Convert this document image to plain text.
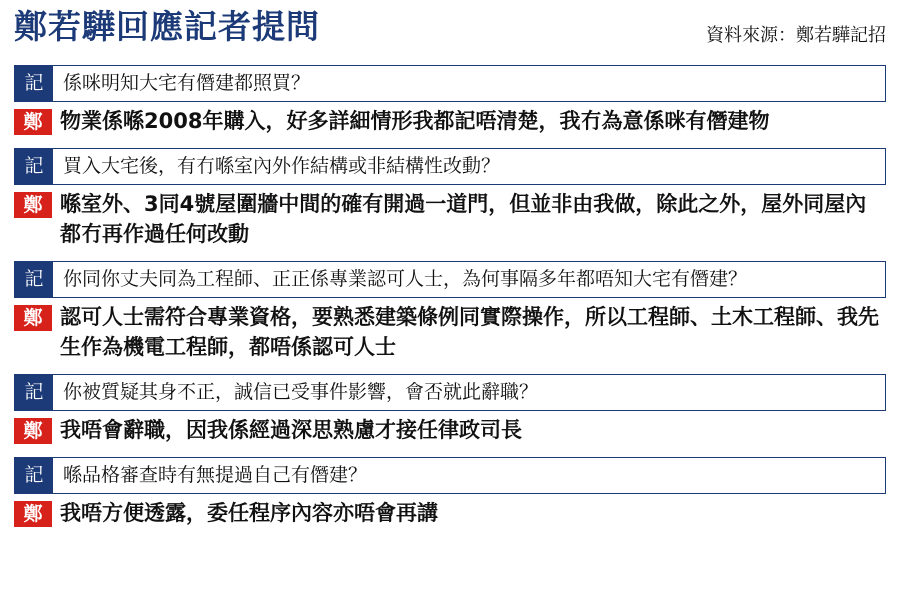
鄭若驊回應記者提問	資料來源：鄭若驊記招
記	係咪明知大宅有僭建都照買？
鄭 物業係喺2008年購入，好多詳細情形我都記唔清楚，我冇為意係咪有僭建物
記	買入大宅後，有冇喺室內外作結構或非結構性改動？
鄭 喺室外、3同4號屋圍牆中間的確有開過一道門，但並非由我做，除此之外，屋外同屋內都冇再作過任何改動
記	你同你丈夫同為工程師、正正係專業認可人士，為何事隔多年都唔知大宅有僭建？
鄭 認可人士需符合專業資格，要熟悉建築條例同實際操作，所以工程師、土木工程師、我先生作為機電工程師，都唔係認可人士
記	你被質疑其身不正，誠信已受事件影響，會否就此辭職？
鄭 我唔會辭職，因我係經過深思熟慮才接任律政司長
記	喺品格審查時有無提過自己有僭建？
鄭 我唔方便透露，委任程序內容亦唔會再講
